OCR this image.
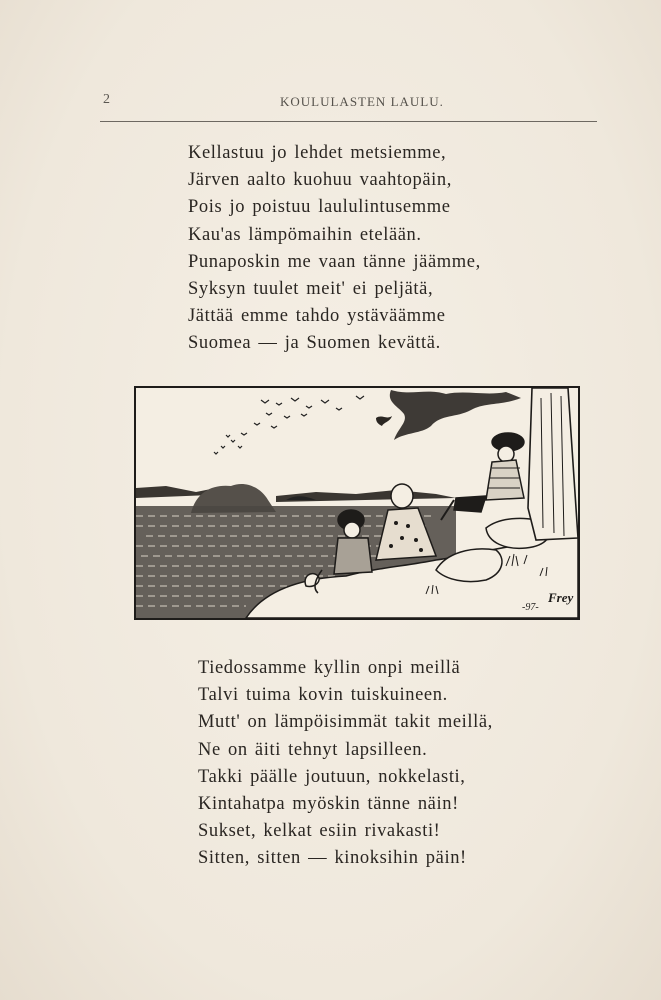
2	KOULULASTEN LAULU.
Kellastuu jo lehdet metsiemme,
Järven aalto kuohuu vaahtopäin,
Pois jo poistuu laululintusemme
Kau'as lämpömaihin etelään.
Punaposkin me vaan tänne jäämme,
Syksyn tuulet meit' ei peljätä,
Jättää emme tahdo ystäväämme
Suomea — ja Suomen kevättä.
-97-
Frey
Tiedossamme kyllin onpi meillä
Talvi tuima kovin tuiskuineen.
Mutt' on lämpöisimmät takit meillä,
Ne on äiti tehnyt lapsilleen.
Takki päälle joutuun, nokkelasti,
Kintahatpa myöskin tänne näin!
Sukset, kelkat esiin rivakasti!
Sitten, sitten — kinoksihin päin!
